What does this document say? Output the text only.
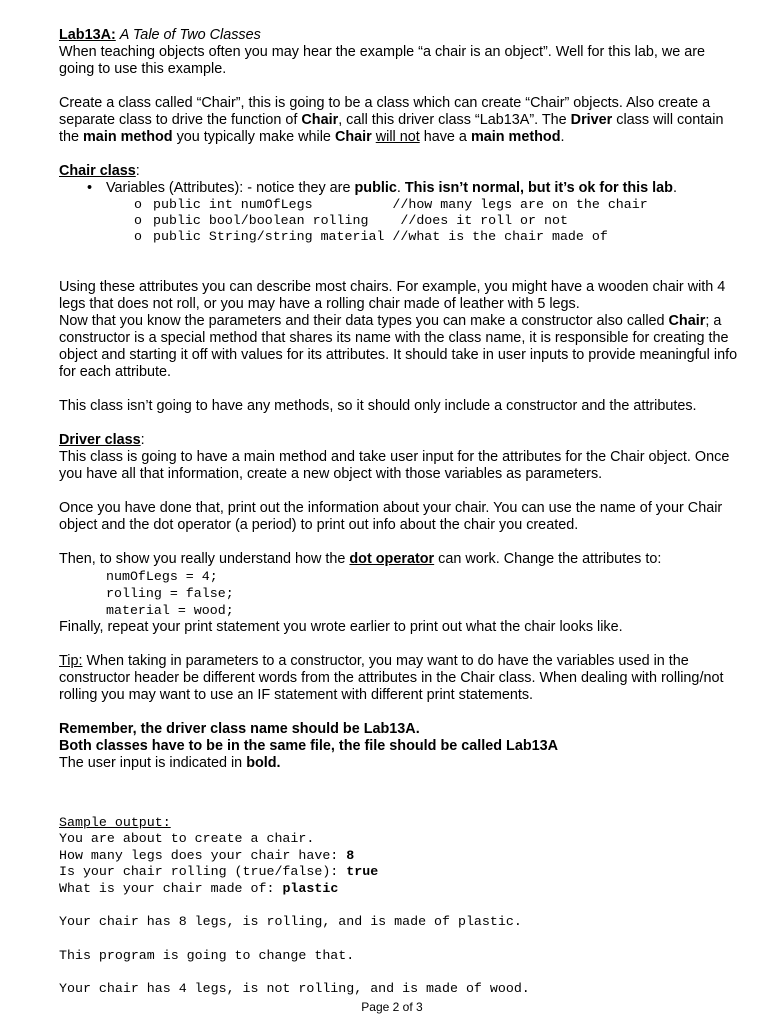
Lab13A: A Tale of Two Classes

When teaching objects often you may hear the example “a chair is an object”. Well for this lab, we are going to use this example.

Create a class called “Chair”, this is going to be a class which can create “Chair” objects. Also create a separate class to drive the function of Chair, call this driver class “Lab13A”. The Driver class will contain the main method you typically make while Chair will not have a main method.

Chair class:

• Variables (Attributes): - notice they are public. This isn’t normal, but it’s ok for this lab.
o public int numOfLegs          //how many legs are on the chair
o public bool/boolean rolling    //does it roll or not
o public String/string material //what is the chair made of

Using these attributes you can describe most chairs. For example, you might have a wooden chair with 4 legs that does not roll, or you may have a rolling chair made of leather with 5 legs.
Now that you know the parameters and their data types you can make a constructor also called Chair; a constructor is a special method that shares its name with the class name, it is responsible for creating the object and starting it off with values for its attributes. It should take in user inputs to provide meaningful info for each attribute.

This class isn’t going to have any methods, so it should only include a constructor and the attributes.

Driver class:

This class is going to have a main method and take user input for the attributes for the Chair object. Once you have all that information, create a new object with those variables as parameters.

Once you have done that, print out the information about your chair. You can use the name of your Chair object and the dot operator (a period) to print out info about the chair you created.

Then, to show you really understand how the dot operator can work. Change the attributes to:

numOfLegs = 4;
rolling = false;
material = wood;

Finally, repeat your print statement you wrote earlier to print out what the chair looks like.

Tip: When taking in parameters to a constructor, you may want to do have the variables used in the constructor header be different words from the attributes in the Chair class. When dealing with rolling/not rolling you may want to use an IF statement with different print statements.

Remember, the driver class name should be Lab13A.

Both classes have to be in the same file, the file should be called Lab13A

The user input is indicated in bold.

Sample output:
You are about to create a chair.
How many legs does your chair have: 8
Is your chair rolling (true/false): true
What is your chair made of: plastic
Your chair has 8 legs, is rolling, and is made of plastic.
This program is going to change that.
Your chair has 4 legs, is not rolling, and is made of wood.
Page 2 of 3
